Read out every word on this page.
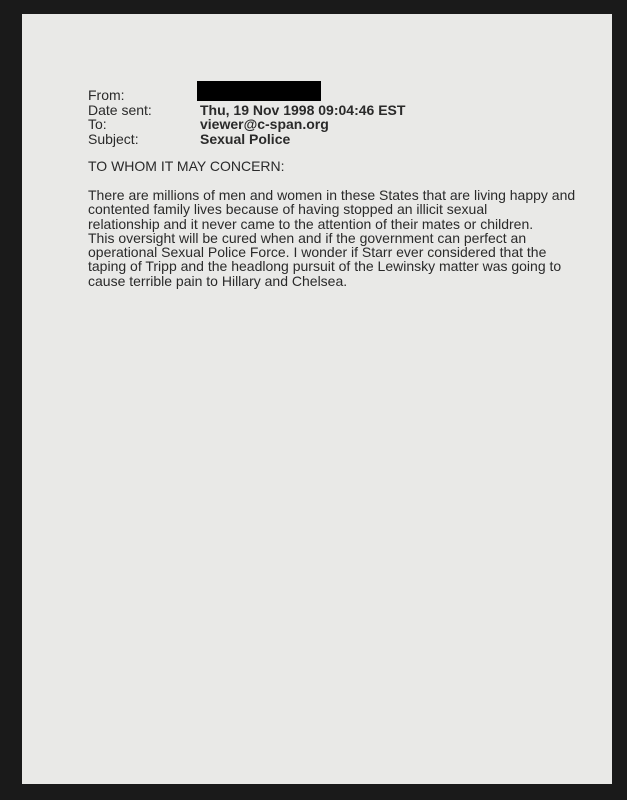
From:
Date sent:	Thu, 19 Nov 1998 09:04:46 EST
To:	viewer@c-span.org
Subject:	Sexual Police
TO WHOM IT MAY CONCERN:
There are millions of men and women in these States that are living happy and
contented family lives because of having stopped an illicit sexual
relationship and it never came to the attention of their mates or children.
This oversight will be cured when and if the government can perfect an
operational Sexual Police Force. I wonder if Starr ever considered that the
taping of Tripp and the headlong pursuit of the Lewinsky matter was going to
cause terrible pain to Hillary and Chelsea.
